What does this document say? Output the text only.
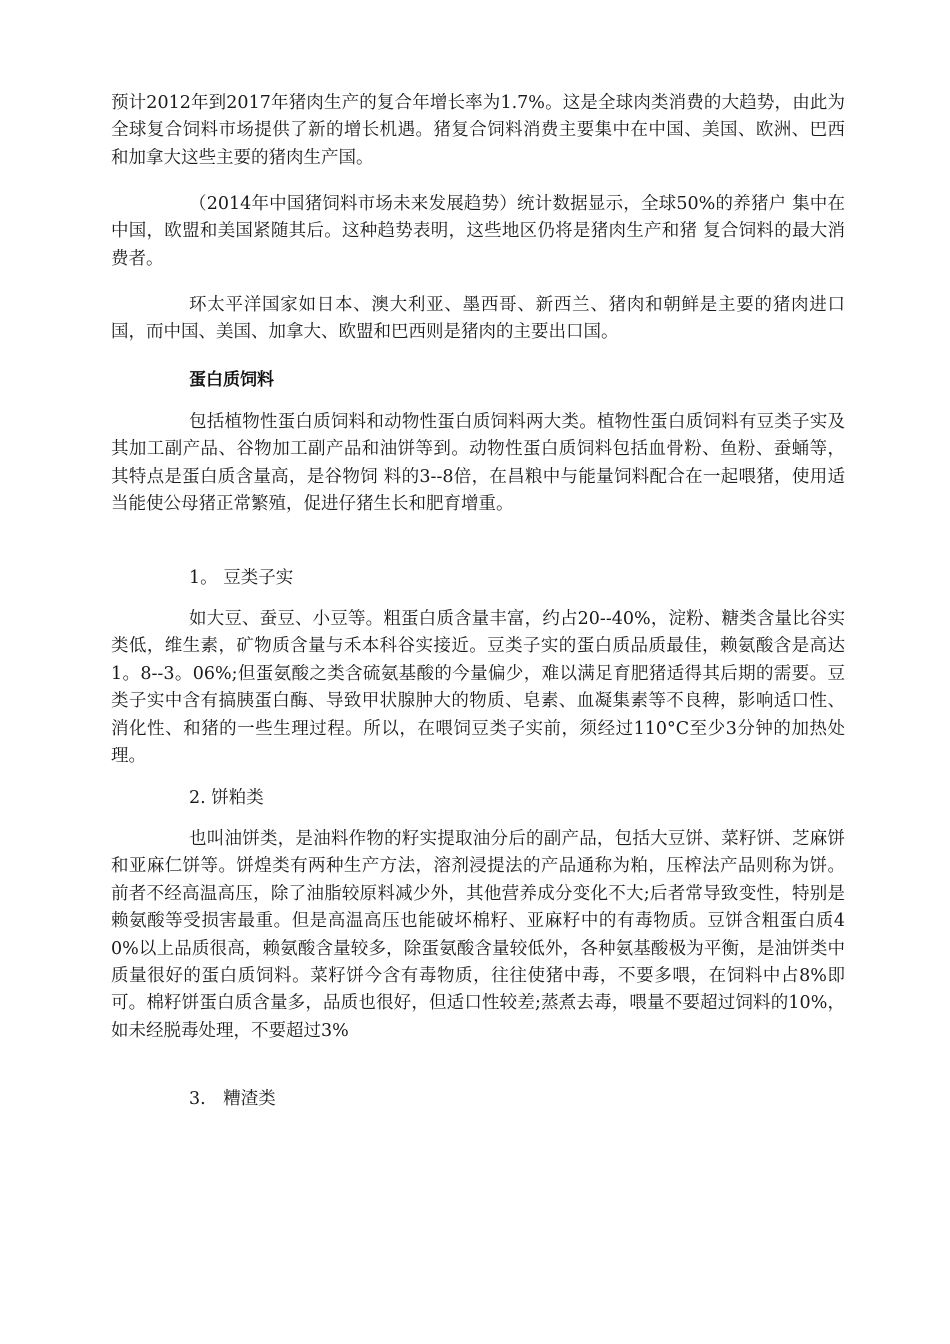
预计2012年到2017年猪肉生产的复合年增长率为1.7%。这是全球肉类消费的大趋势，由此为全球复合饲料市场提供了新的增长机遇。猪复合饲料消费主要集中在中国、美国、欧洲、巴西和加拿大这些主要的猪肉生产国。

（2014年中国猪饲料市场未来发展趋势）统计数据显示，全球50%的养猪户 集中在中国，欧盟和美国紧随其后。这种趋势表明，这些地区仍将是猪肉生产和猪 复合饲料的最大消费者。

环太平洋国家如日本、澳大利亚、墨西哥、新西兰、猪肉和朝鲜是主要的猪肉进口国，而中国、美国、加拿大、欧盟和巴西则是猪肉的主要出口国。

蛋白质饲料

包括植物性蛋白质饲料和动物性蛋白质饲料两大类。植物性蛋白质饲料有豆类子实及其加工副产品、谷物加工副产品和油饼等到。动物性蛋白质饲料包括血骨粉、鱼粉、蚕蛹等，其特点是蛋白质含量高，是谷物饲 料的3--8倍，在昌粮中与能量饲料配合在一起喂猪，使用适当能使公母猪正常繁殖，促进仔猪生长和肥育增重。

1。 豆类子实

如大豆、蚕豆、小豆等。粗蛋白质含量丰富，约占20--40%，淀粉、糖类含量比谷实类低，维生素，矿物质含量与禾本科谷实接近。豆类子实的蛋白质品质最佳，赖氨酸含是高达1。8--3。06%;但蛋氨酸之类含硫氨基酸的今量偏少，难以满足育肥猪适得其后期的需要。豆类子实中含有搞胰蛋白酶、导致甲状腺肿大的物质、皂素、血凝集素等不良稗，影响适口性、消化性、和猪的一些生理过程。所以，在喂饲豆类子实前，须经过110°C至少3分钟的加热处理。

2. 饼粕类

也叫油饼类，是油料作物的籽实提取油分后的副产品，包括大豆饼、菜籽饼、芝麻饼和亚麻仁饼等。饼煌类有两种生产方法，溶剂浸提法的产品通称为粕，压榨法产品则称为饼。前者不经高温高压，除了油脂较原料减少外，其他营养成分变化不大;后者常导致变性，特别是赖氨酸等受损害最重。但是高温高压也能破坏棉籽、亚麻籽中的有毒物质。豆饼含粗蛋白质40%以上品质很高，赖氨酸含量较多，除蛋氨酸含量较低外，各种氨基酸极为平衡，是油饼类中质量很好的蛋白质饲料。菜籽饼今含有毒物质，往往使猪中毒，不要多喂，在饲料中占8%即可。棉籽饼蛋白质含量多，品质也很好，但适口性较差;蒸煮去毒，喂量不要超过饲料的10%，如未经脱毒处理，不要超过3%

3.　糟渣类
